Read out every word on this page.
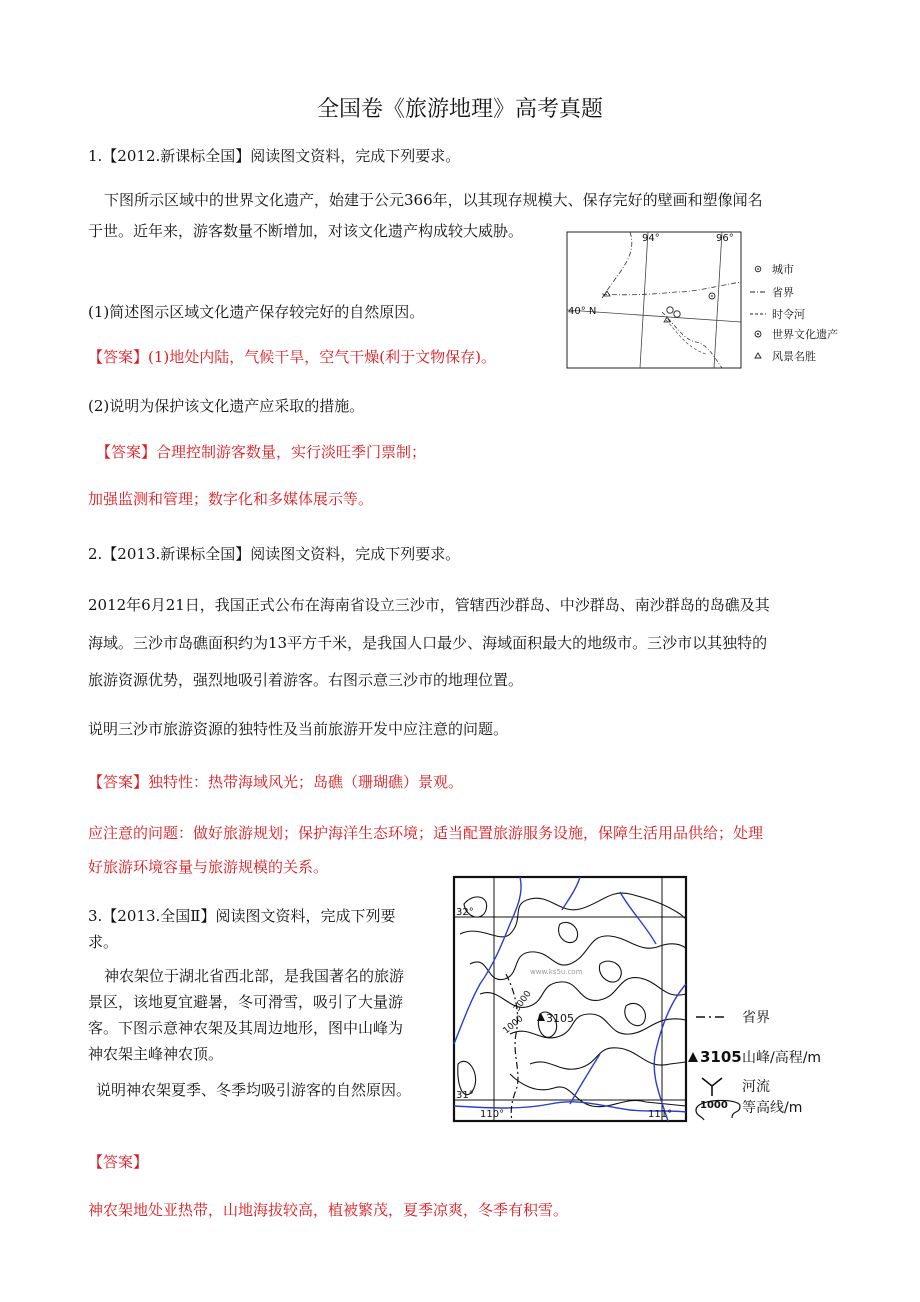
全国卷《旅游地理》高考真题
1.【2012.新课标全国】阅读图文资料，完成下列要求。
下图所示区域中的世界文化遗产，始建于公元366年，以其现存规模大、保存完好的壁画和塑像闻名
于世。近年来，游客数量不断增加，对该文化遗产构成较大威胁。
(1)简述图示区域文化遗产保存较完好的自然原因。
【答案】(1)地处内陆，气候干旱，空气干燥(利于文物保存)。
(2)说明为保护该文化遗产应采取的措施。
【答案】合理控制游客数量，实行淡旺季门票制；
加强监测和管理；数字化和多媒体展示等。
94°	96°
40° N
城市
省界
时令河
世界文化遗产
风景名胜
2.【2013.新课标全国】阅读图文资料，完成下列要求。
2012年6月21日，我国正式公布在海南省设立三沙市，管辖西沙群岛、中沙群岛、南沙群岛的岛礁及其
海域。三沙市岛礁面积约为13平方千米，是我国人口最少、海域面积最大的地级市。三沙市以其独特的
旅游资源优势，强烈地吸引着游客。右图示意三沙市的地理位置。
说明三沙市旅游资源的独特性及当前旅游开发中应注意的问题。
【答案】独特性：热带海域风光；岛礁（珊瑚礁）景观。
应注意的问题：做好旅游规划；保护海洋生态环境；适当配置旅游服务设施，保障生活用品供给；处理
好旅游环境容量与旅游规模的关系。
3.【2013.全国Ⅱ】阅读图文资料，完成下列要
求。
神农架位于湖北省西北部，是我国著名的旅游
景区，该地夏宜避暑，冬可滑雪，吸引了大量游
客。下图示意神农架及其周边地形，图中山峰为
神农架主峰神农顶。
说明神农架夏季、冬季均吸引游客的自然原因。
【答案】
神农架地处亚热带，山地海拔较高，植被繁茂，夏季凉爽，冬季有积雪。
32°
31°
110°	111°
3000
1000 3105
www.ks5u.com
省界
3105 山峰/高程/m
河流
1000 等高线/m
